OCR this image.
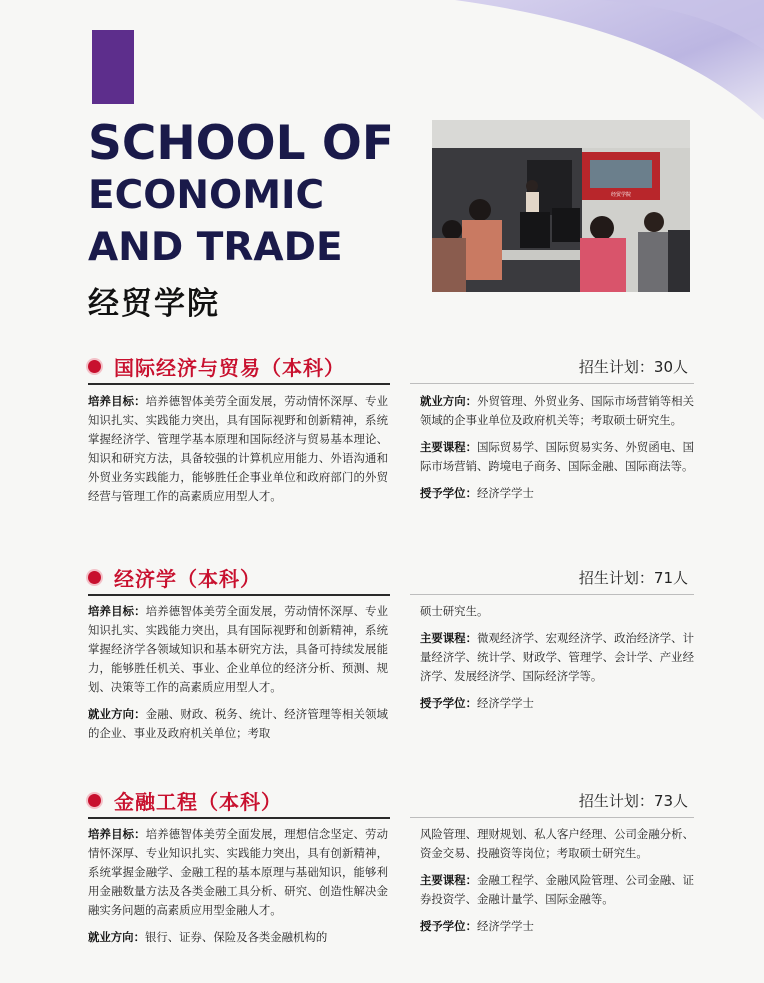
SCHOOL OF
ECONOMIC
AND TRADE
经贸学院
经贸学院
国际经济与贸易（本科）	招生计划：30人

培养目标：培养德智体美劳全面发展，劳动情怀深厚、专业知识扎实、实践能力突出，具有国际视野和创新精神，系统掌握经济学、管理学基本原理和国际经济与贸易基本理论、知识和研究方法，具备较强的计算机应用能力、外语沟通和外贸业务实践能力，能够胜任企事业单位和政府部门的外贸经营与管理工作的高素质应用型人才。

就业方向：外贸管理、外贸业务、国际市场营销等相关领域的企事业单位及政府机关等；考取硕士研究生。

主要课程：国际贸易学、国际贸易实务、外贸函电、国际市场营销、跨境电子商务、国际金融、国际商法等。

授予学位：经济学学士

经济学（本科）	招生计划：71人

培养目标：培养德智体美劳全面发展，劳动情怀深厚、专业知识扎实、实践能力突出，具有国际视野和创新精神，系统掌握经济学各领域知识和基本研究方法，具备可持续发展能力，能够胜任机关、事业、企业单位的经济分析、预测、规划、决策等工作的高素质应用型人才。

就业方向：金融、财政、税务、统计、经济管理等相关领域的企业、事业及政府机关单位；考取

硕士研究生。

主要课程：微观经济学、宏观经济学、政治经济学、计量经济学、统计学、财政学、管理学、会计学、产业经济学、发展经济学、国际经济学等。

授予学位：经济学学士

金融工程（本科）	招生计划：73人

培养目标：培养德智体美劳全面发展，理想信念坚定、劳动情怀深厚、专业知识扎实、实践能力突出，具有创新精神，系统掌握金融学、金融工程的基本原理与基础知识，能够利用金融数量方法及各类金融工具分析、研究、创造性解决金融实务问题的高素质应用型金融人才。

就业方向：银行、证券、保险及各类金融机构的

风险管理、理财规划、私人客户经理、公司金融分析、资金交易、投融资等岗位；考取硕士研究生。

主要课程：金融工程学、金融风险管理、公司金融、证券投资学、金融计量学、国际金融等。

授予学位：经济学学士
